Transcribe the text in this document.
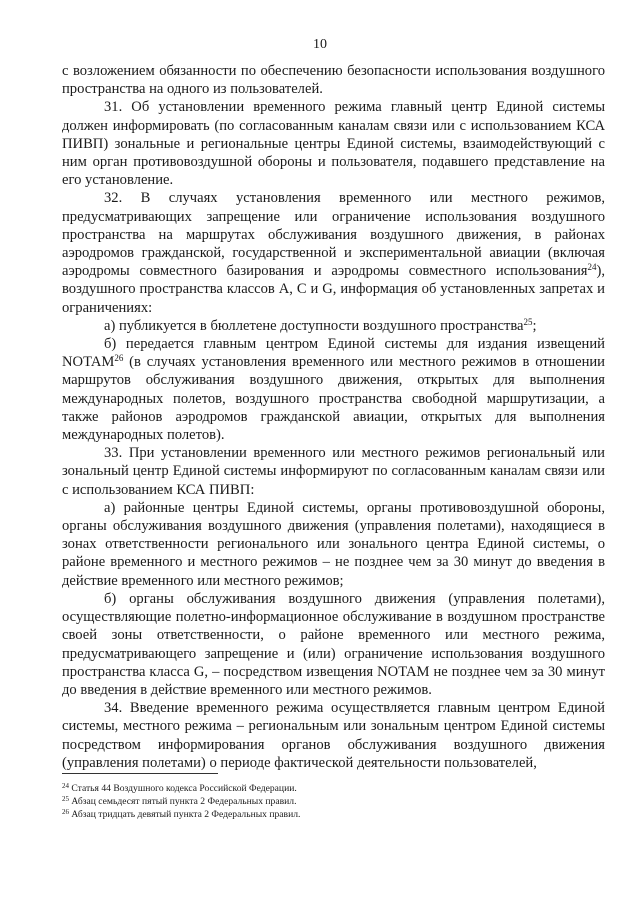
10

с возложением обязанности по обеспечению безопасности использования воздушного пространства на одного из пользователей.

31. Об установлении временного режима главный центр Единой системы должен информировать (по согласованным каналам связи или с использованием КСА ПИВП) зональные и региональные центры Единой системы, взаимодействующий с ним орган противовоздушной обороны и пользователя, подавшего представление на его установление.

32. В случаях установления временного или местного режимов, предусматривающих запрещение или ограничение использования воздушного пространства на маршрутах обслуживания воздушного движения, в районах аэродромов гражданской, государственной и экспериментальной авиации (включая аэродромы совместного базирования и аэродромы совместного использования$^{24}$), воздушного пространства классов А, С и G, информация об установленных запретах и ограничениях:

а) публикуется в бюллетене доступности воздушного пространства$^{25}$;

б) передается главным центром Единой системы для издания извещений NOTAM$^{26}$ (в случаях установления временного или местного режимов в отношении маршрутов обслуживания воздушного движения, открытых для выполнения международных полетов, воздушного пространства свободной маршрутизации, а также районов аэродромов гражданской авиации, открытых для выполнения международных полетов).

33. При установлении временного или местного режимов региональный или зональный центр Единой системы информируют по согласованным каналам связи или с использованием КСА ПИВП:

а) районные центры Единой системы, органы противовоздушной обороны, органы обслуживания воздушного движения (управления полетами), находящиеся в зонах ответственности регионального или зонального центра Единой системы, о районе временного и местного режимов – не позднее чем за 30 минут до введения в действие временного или местного режимов;

б) органы обслуживания воздушного движения (управления полетами), осуществляющие полетно-информационное обслуживание в воздушном пространстве своей зоны ответственности, о районе временного или местного режима, предусматривающего запрещение и (или) ограничение использования воздушного пространства класса G, – посредством извещения NOTAM не позднее чем за 30 минут до введения в действие временного или местного режимов.

34. Введение временного режима осуществляется главным центром Единой системы, местного режима – региональным или зональным центром Единой системы посредством информирования органов обслуживания воздушного движения (управления полетами) о периоде фактической деятельности пользователей,

$^{24}$ Статья 44 Воздушного кодекса Российской Федерации.
$^{25}$ Абзац семьдесят пятый пункта 2 Федеральных правил.
$^{26}$ Абзац тридцать девятый пункта 2 Федеральных правил.
